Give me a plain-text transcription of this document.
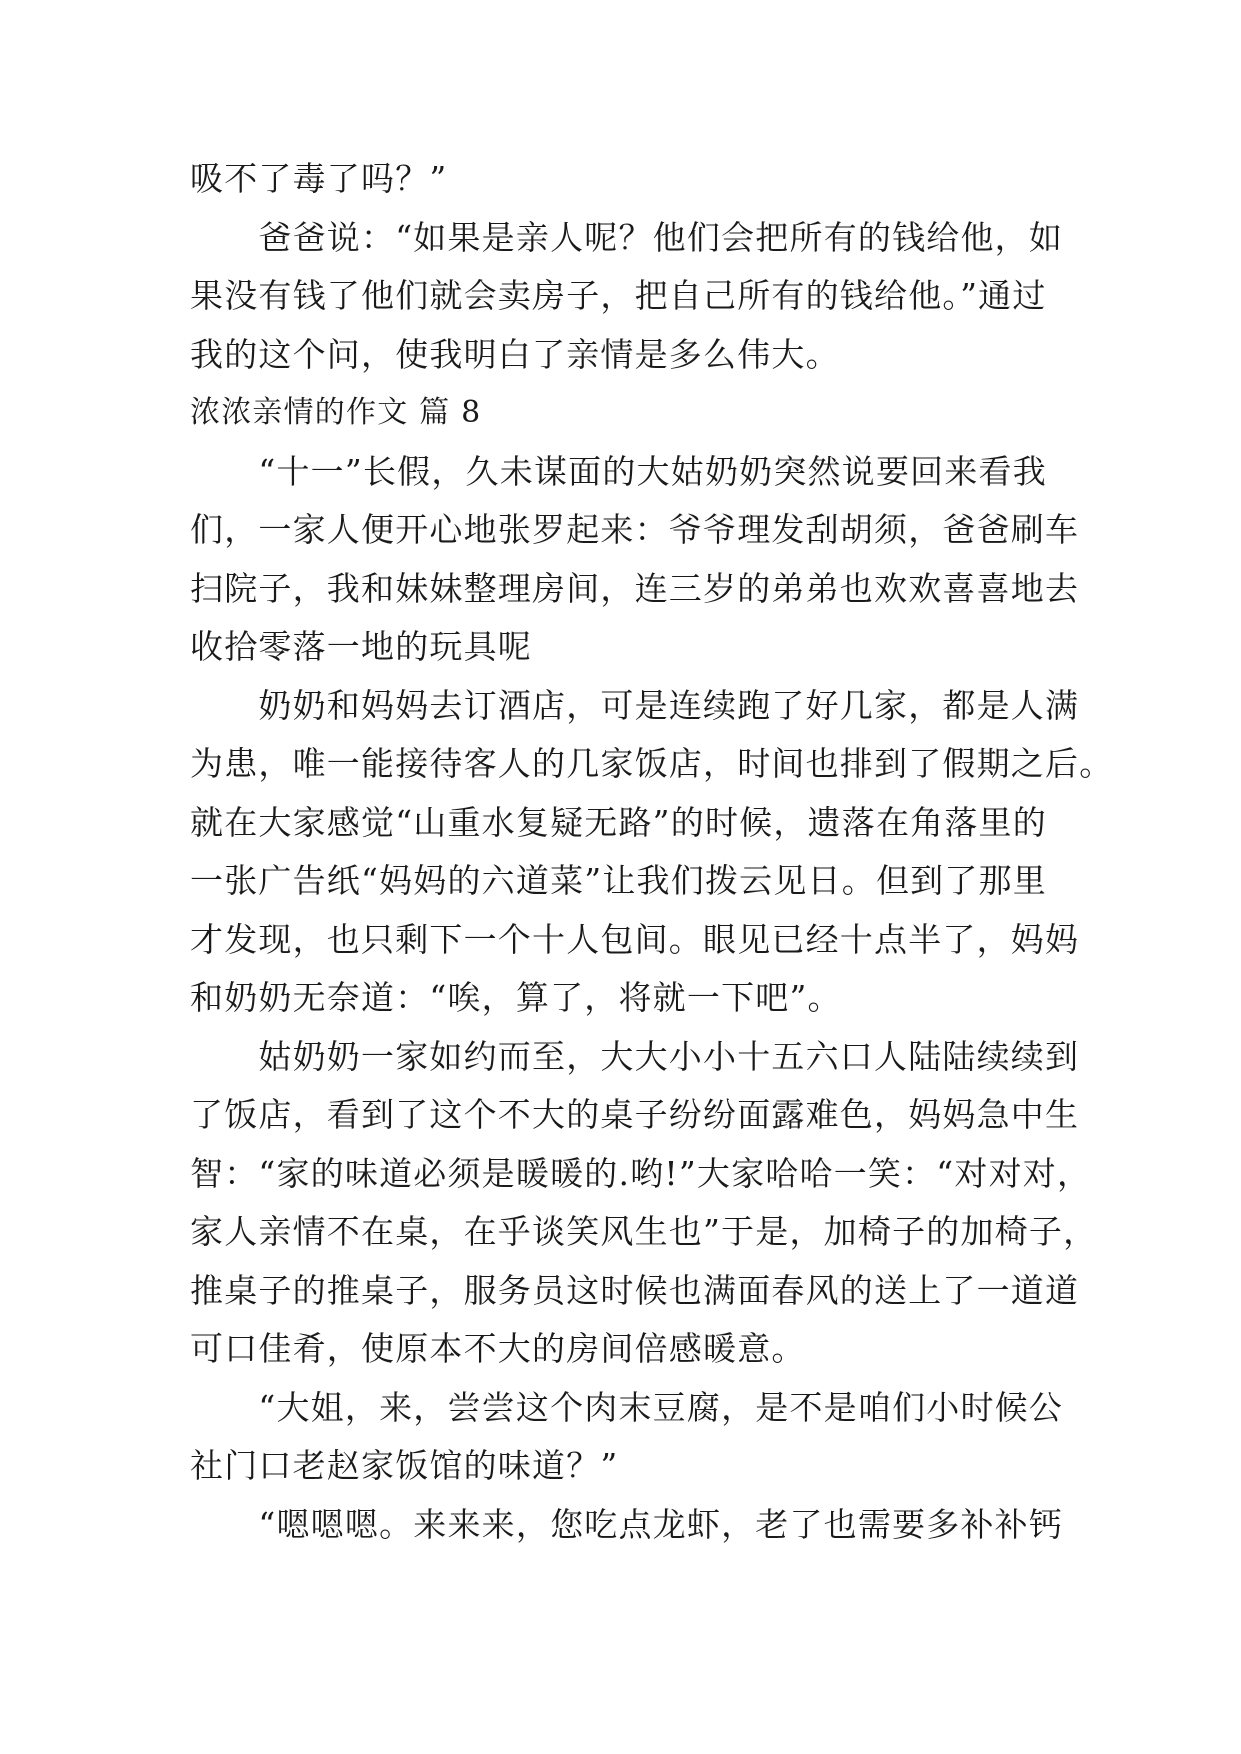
吸不了毒了吗？”
　　爸爸说：“如果是亲人呢？他们会把所有的钱给他，如
果没有钱了他们就会卖房子，把自己所有的钱给他。”通过
我的这个问，使我明白了亲情是多么伟大。
浓浓亲情的作文 篇 8
　　“十一”长假，久未谋面的大姑奶奶突然说要回来看我
们，一家人便开心地张罗起来：爷爷理发刮胡须，爸爸刷车
扫院子，我和妹妹整理房间，连三岁的弟弟也欢欢喜喜地去
收拾零落一地的玩具呢
　　奶奶和妈妈去订酒店，可是连续跑了好几家，都是人满
为患，唯一能接待客人的几家饭店，时间也排到了假期之后。
就在大家感觉“山重水复疑无路”的时候，遗落在角落里的
一张广告纸“妈妈的六道菜”让我们拨云见日。但到了那里
才发现，也只剩下一个十人包间。眼见已经十点半了，妈妈
和奶奶无奈道：“唉，算了，将就一下吧”。
　　姑奶奶一家如约而至，大大小小十五六口人陆陆续续到
了饭店，看到了这个不大的桌子纷纷面露难色，妈妈急中生
智：“家的味道必须是暖暖的.哟!”大家哈哈一笑：“对对对，
家人亲情不在桌，在乎谈笑风生也”于是，加椅子的加椅子，
推桌子的推桌子，服务员这时候也满面春风的送上了一道道
可口佳肴，使原本不大的房间倍感暖意。
　　“大姐，来，尝尝这个肉末豆腐，是不是咱们小时候公
社门口老赵家饭馆的味道？”
　　“嗯嗯嗯。来来来，您吃点龙虾，老了也需要多补补钙
